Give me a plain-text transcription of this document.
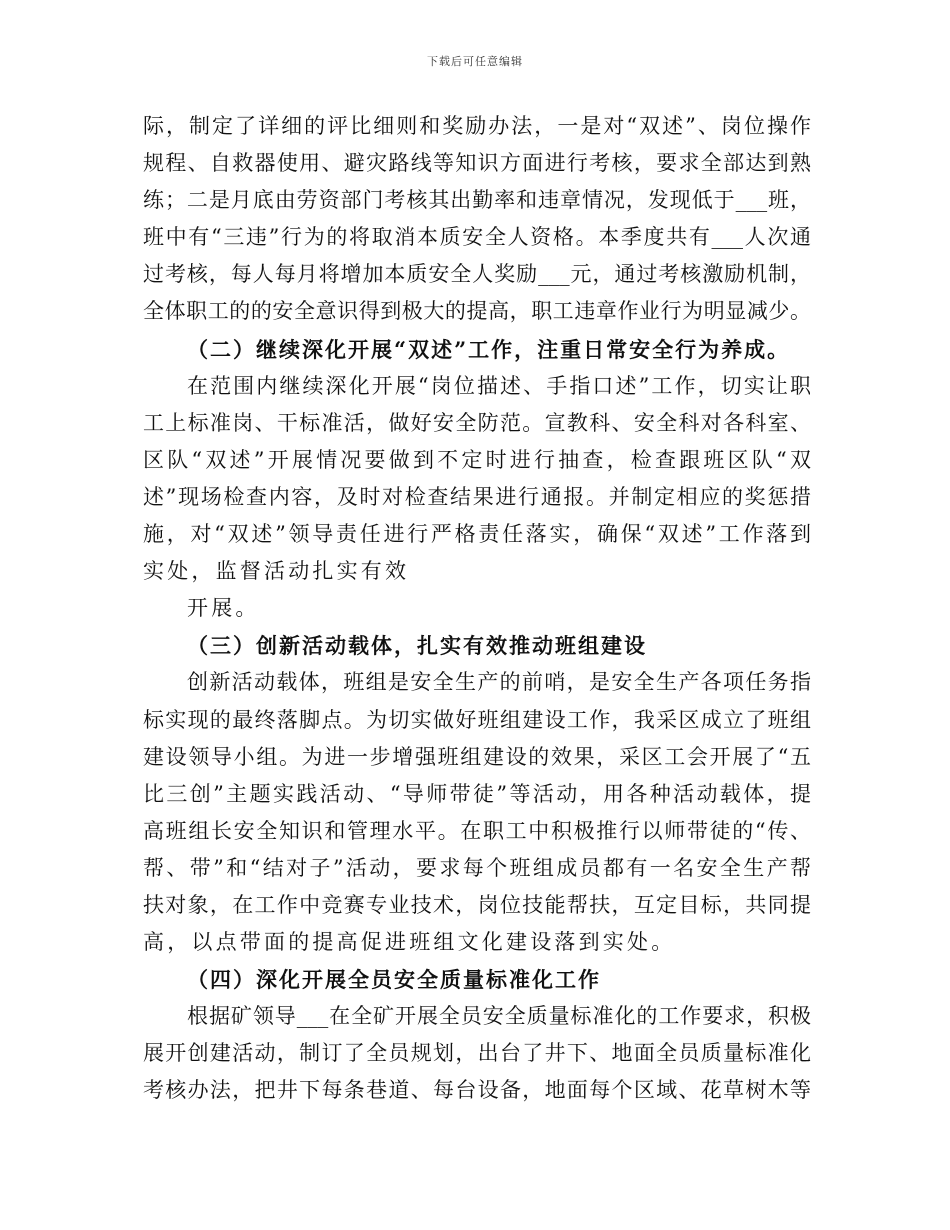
下载后可任意编辑
际，制定了详细的评比细则和奖励办法，一是对“双述”、岗位操作
规程、自救器使用、避灾路线等知识方面进行考核，要求全部达到熟
练；二是月底由劳资部门考核其出勤率和违章情况，发现低于___班，
班中有“三违”行为的将取消本质安全人资格。本季度共有___人次通
过考核，每人每月将增加本质安全人奖励___元，通过考核激励机制，
全体职工的的安全意识得到极大的提高，职工违章作业行为明显减少。
（二）继续深化开展“双述”工作，注重日常安全行为养成。
在范围内继续深化开展“岗位描述、手指口述”工作，切实让职
工上标准岗、干标准活，做好安全防范。宣教科、安全科对各科室、
区队“双述”开展情况要做到不定时进行抽查，检查跟班区队“双
述”现场检查内容，及时对检查结果进行通报。并制定相应的奖惩措
施，对“双述”领导责任进行严格责任落实，确保“双述”工作落到
实处，监督活动扎实有效
开展。
（三）创新活动载体，扎实有效推动班组建设
创新活动载体，班组是安全生产的前哨，是安全生产各项任务指
标实现的最终落脚点。为切实做好班组建设工作，我采区成立了班组
建设领导小组。为进一步增强班组建设的效果，采区工会开展了“五
比三创”主题实践活动、“导师带徒”等活动，用各种活动载体，提
高班组长安全知识和管理水平。在职工中积极推行以师带徒的“传、
帮、带”和“结对子”活动，要求每个班组成员都有一名安全生产帮
扶对象，在工作中竞赛专业技术，岗位技能帮扶，互定目标，共同提
高，以点带面的提高促进班组文化建设落到实处。
（四）深化开展全员安全质量标准化工作
根据矿领导___在全矿开展全员安全质量标准化的工作要求，积极
展开创建活动，制订了全员规划，出台了井下、地面全员质量标准化
考核办法，把井下每条巷道、每台设备，地面每个区域、花草树木等
